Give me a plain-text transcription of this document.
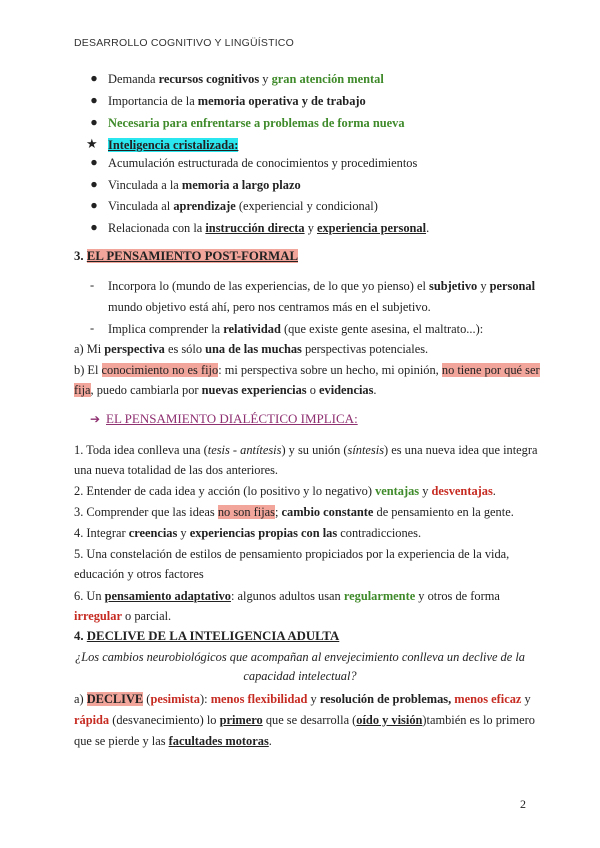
DESARROLLO COGNITIVO Y LINGÜÍSTICO
● Demanda recursos cognitivos y gran atención mental
● Importancia de la memoria operativa y de trabajo
● Necesaria para enfrentarse a problemas de forma nueva
★ Inteligencia cristalizada:
● Acumulación estructurada de conocimientos y procedimientos
● Vinculada a la memoria a largo plazo
● Vinculada al aprendizaje (experiencial y condicional)
● Relacionada con la instrucción directa y experiencia personal.
3. EL PENSAMIENTO POST-FORMAL
- Incorpora lo (mundo de las experiencias, de lo que yo pienso) el subjetivo y personal
mundo objetivo está ahí, pero nos centramos más en el subjetivo.
- Implica comprender la relatividad (que existe gente asesina, el maltrato...):
a) Mi perspectiva es sólo una de las muchas perspectivas potenciales.
b) El conocimiento no es fijo: mi perspectiva sobre un hecho, mi opinión, no tiene por qué ser
fija, puedo cambiarla por nuevas experiencias o evidencias.
➔ EL PENSAMIENTO DIALÉCTICO IMPLICA:
1. Toda idea conlleva una (tesis - antítesis) y su unión (síntesis) es una nueva idea que integra
una nueva totalidad de las dos anteriores.
2. Entender de cada idea y acción (lo positivo y lo negativo) ventajas y desventajas.
3. Comprender que las ideas no son fijas; cambio constante de pensamiento en la gente.
4. Integrar creencias y experiencias propias con las contradicciones.
5. Una constelación de estilos de pensamiento propiciados por la experiencia de la vida,
educación y otros factores
6. Un pensamiento adaptativo: algunos adultos usan regularmente y otros de forma
irregular o parcial.
4. DECLIVE DE LA INTELIGENCIA ADULTA
¿Los cambios neurobiológicos que acompañan al envejecimiento conlleva un declive de la
capacidad intelectual?
a) DECLIVE (pesimista): menos flexibilidad y resolución de problemas, menos eficaz y
rápida (desvanecimiento) lo primero que se desarrolla (oído y visión)también es lo primero
que se pierde y las facultades motoras.
2
